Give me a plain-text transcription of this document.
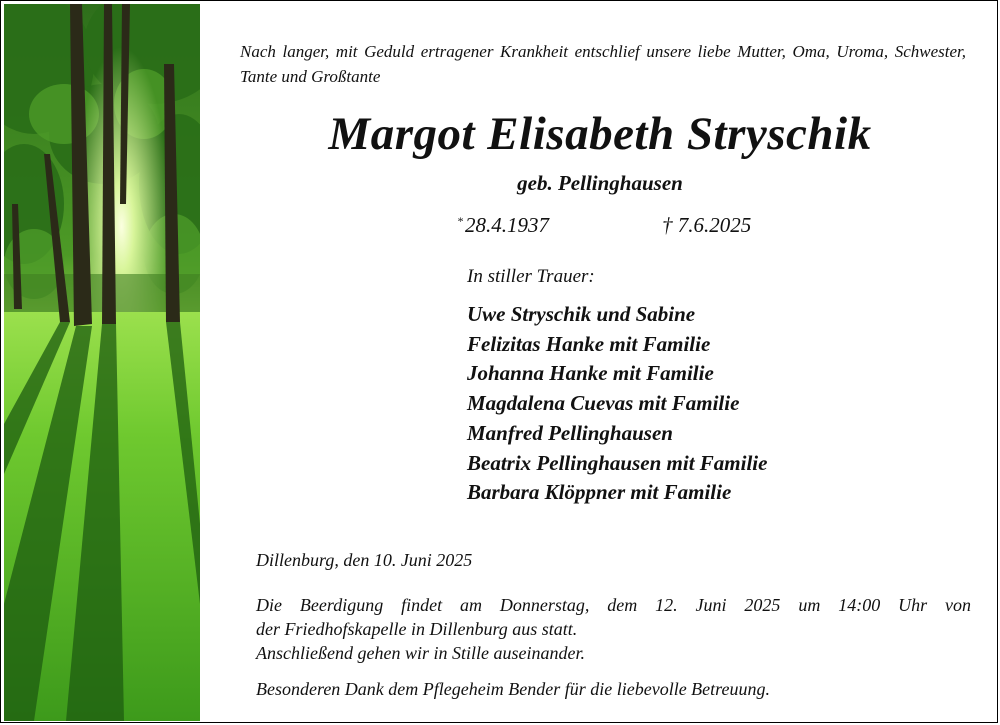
Nach langer, mit Geduld ertragener Krankheit entschlief unsere liebe Mutter, Oma, Uroma, Schwester, Tante und Großtante
Margot Elisabeth Stryschik
geb. Pellinghausen
*28.4.1937	† 7.6.2025
In stiller Trauer:
Uwe Stryschik und Sabine
Felizitas Hanke mit Familie
Johanna Hanke mit Familie
Magdalena Cuevas mit Familie
Manfred Pellinghausen
Beatrix Pellinghausen mit Familie
Barbara Klöppner mit Familie
Dillenburg, den 10. Juni 2025
Die Beerdigung findet am Donnerstag, dem 12. Juni 2025 um 14:00 Uhr von
der Friedhofskapelle in Dillenburg aus statt.
Anschließend gehen wir in Stille auseinander.
Besonderen Dank dem Pflegeheim Bender für die liebevolle Betreuung.
